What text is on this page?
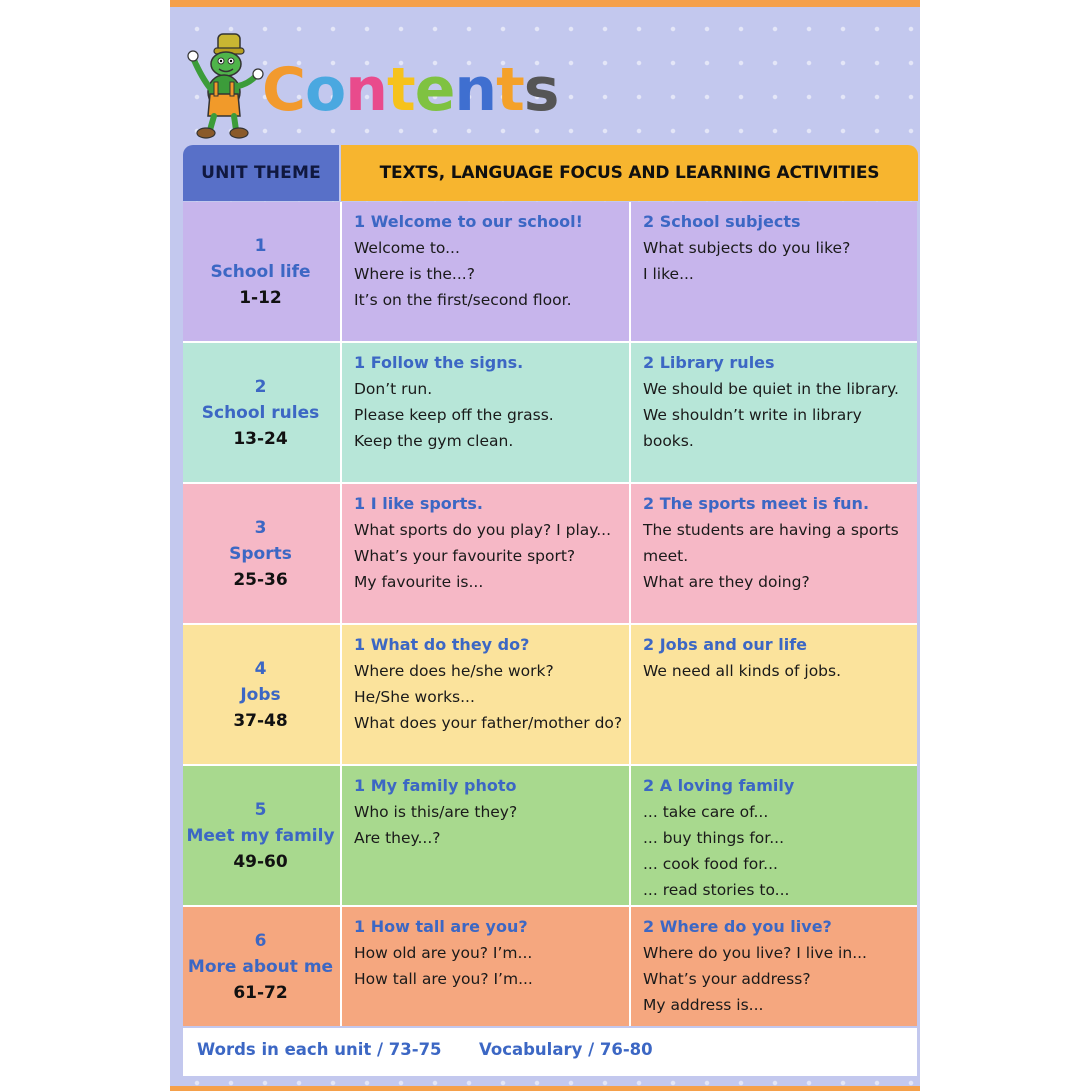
Contents
UNIT THEME	TEXTS, LANGUAGE FOCUS AND LEARNING ACTIVITIES
1
School life
1-12
1 Welcome to our school!
Welcome to...
Where is the...?
It’s on the first/second floor.
2 School subjects
What subjects do you like?
I like...
2
School rules
13-24
1 Follow the signs.
Don’t run.
Please keep off the grass.
Keep the gym clean.
2 Library rules
We should be quiet in the library.
We shouldn’t write in library
books.
3
Sports
25-36
1 I like sports.
What sports do you play? I play...
What’s your favourite sport?
My favourite is...
2 The sports meet is fun.
The students are having a sports
meet.
What are they doing?
4
Jobs
37-48
1 What do they do?
Where does he/she work?
He/She works...
What does your father/mother do?
2 Jobs and our life
We need all kinds of jobs.
5
Meet my family
49-60
1 My family photo
Who is this/are they?
Are they...?
2 A loving family
... take care of...
... buy things for...
... cook food for...
... read stories to...
6
More about me
61-72
1 How tall are you?
How old are you? I’m...
How tall are you? I’m...
2 Where do you live?
Where do you live? I live in...
What’s your address?
My address is...
Words in each unit / 73-75 Vocabulary / 76-80
